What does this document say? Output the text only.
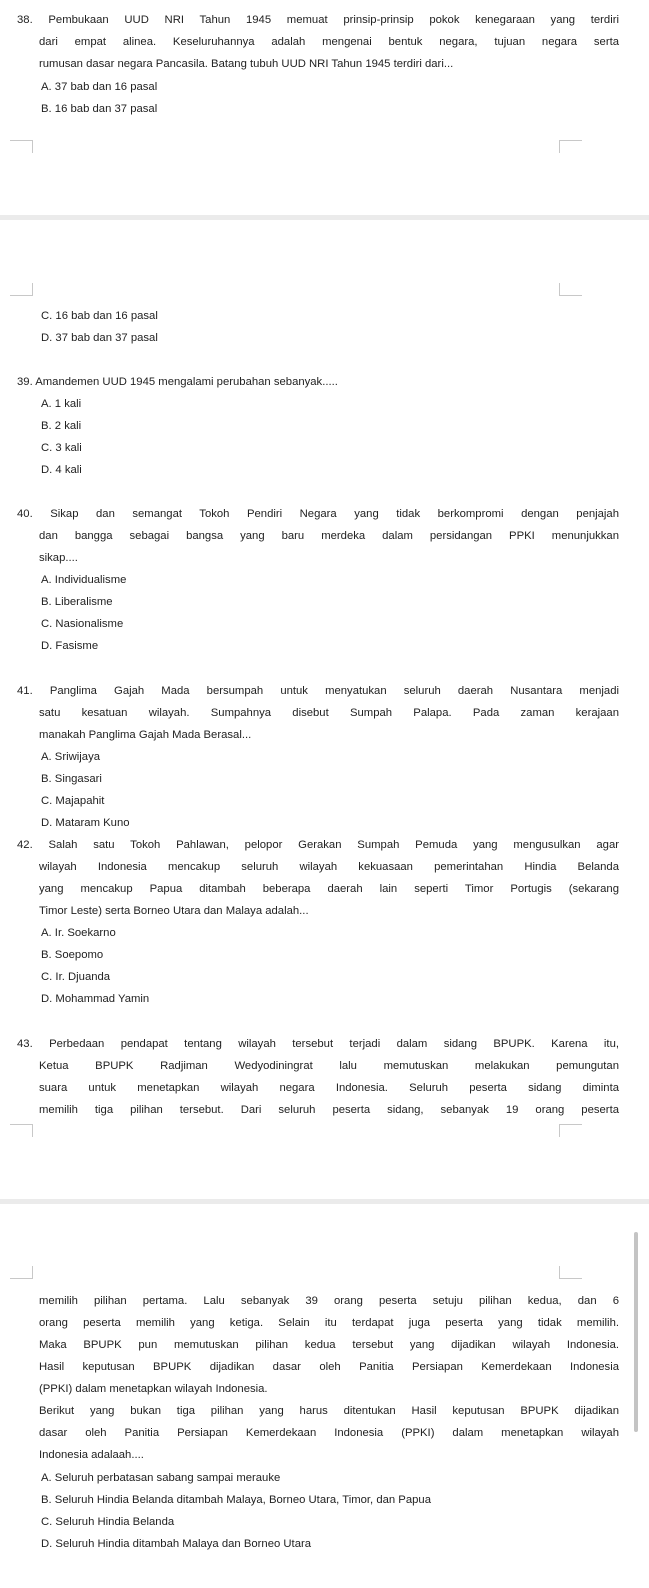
38. Pembukaan UUD NRI Tahun 1945 memuat prinsip-prinsip pokok kenegaraan yang terdiri
dari empat alinea. Keseluruhannya adalah mengenai bentuk negara, tujuan negara serta
rumusan dasar negara Pancasila. Batang tubuh UUD NRI Tahun 1945 terdiri dari...
A. 37 bab dan 16 pasal
B. 16 bab dan 37 pasal
C. 16 bab dan 16 pasal
D. 37 bab dan 37 pasal
39. Amandemen UUD 1945 mengalami perubahan sebanyak.....
A. 1 kali
B. 2 kali
C. 3 kali
D. 4 kali
40. Sikap dan semangat Tokoh Pendiri Negara yang tidak berkompromi dengan penjajah
dan bangga sebagai bangsa yang baru merdeka dalam persidangan PPKI menunjukkan
sikap....
A. Individualisme
B. Liberalisme
C. Nasionalisme
D. Fasisme
41. Panglima Gajah Mada bersumpah untuk menyatukan seluruh daerah Nusantara menjadi
satu kesatuan wilayah. Sumpahnya disebut Sumpah Palapa. Pada zaman kerajaan
manakah Panglima Gajah Mada Berasal...
A. Sriwijaya
B. Singasari
C. Majapahit
D. Mataram Kuno
42. Salah satu Tokoh Pahlawan, pelopor Gerakan Sumpah Pemuda yang mengusulkan agar
wilayah Indonesia mencakup seluruh wilayah kekuasaan pemerintahan Hindia Belanda
yang mencakup Papua ditambah beberapa daerah lain seperti Timor Portugis (sekarang
Timor Leste) serta Borneo Utara dan Malaya adalah...
A. Ir. Soekarno
B. Soepomo
C. Ir. Djuanda
D. Mohammad Yamin
43. Perbedaan pendapat tentang wilayah tersebut terjadi dalam sidang BPUPK. Karena itu,
Ketua BPUPK Radjiman Wedyodiningrat lalu memutuskan melakukan pemungutan
suara untuk menetapkan wilayah negara Indonesia. Seluruh peserta sidang diminta
memilih tiga pilihan tersebut. Dari seluruh peserta sidang, sebanyak 19 orang peserta
memilih pilihan pertama. Lalu sebanyak 39 orang peserta setuju pilihan kedua, dan 6
orang peserta memilih yang ketiga. Selain itu terdapat juga peserta yang tidak memilih.
Maka BPUPK pun memutuskan pilihan kedua tersebut yang dijadikan wilayah Indonesia.
Hasil keputusan BPUPK dijadikan dasar oleh Panitia Persiapan Kemerdekaan Indonesia
(PPKI) dalam menetapkan wilayah Indonesia.
Berikut yang bukan tiga pilihan yang harus ditentukan Hasil keputusan BPUPK dijadikan
dasar oleh Panitia Persiapan Kemerdekaan Indonesia (PPKI) dalam menetapkan wilayah
Indonesia adalaah....
A. Seluruh perbatasan sabang sampai merauke
B. Seluruh Hindia Belanda ditambah Malaya, Borneo Utara, Timor, dan Papua
C. Seluruh Hindia Belanda
D. Seluruh Hindia ditambah Malaya dan Borneo Utara
